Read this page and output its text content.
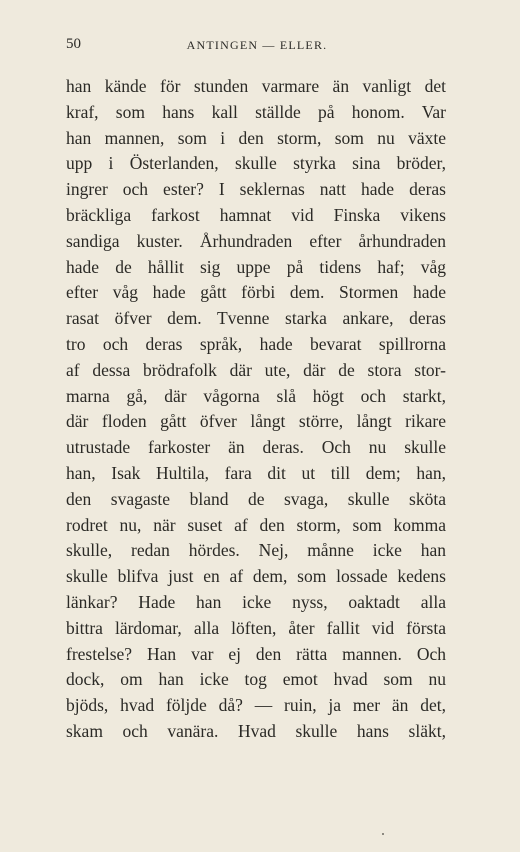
50	ANTINGEN — ELLER.
han kände för stunden varmare än vanligt det
kraf, som hans kall ställde på honom. Var
han mannen, som i den storm, som nu växte
upp i Österlanden, skulle styrka sina bröder,
ingrer och ester? I seklernas natt hade deras
bräckliga farkost hamnat vid Finska vikens
sandiga kuster. Århundraden efter århundraden
hade de hållit sig uppe på tidens haf; våg
efter våg hade gått förbi dem. Stormen hade
rasat öfver dem. Tvenne starka ankare, deras
tro och deras språk, hade bevarat spillrorna
af dessa brödrafolk där ute, där de stora stor-
marna gå, där vågorna slå högt och starkt,
där floden gått öfver långt större, långt rikare
utrustade farkoster än deras. Och nu skulle
han, Isak Hultila, fara dit ut till dem; han,
den svagaste bland de svaga, skulle sköta
rodret nu, när suset af den storm, som komma
skulle, redan hördes. Nej, månne icke han
skulle blifva just en af dem, som lossade kedens
länkar? Hade han icke nyss, oaktadt alla
bittra lärdomar, alla löften, åter fallit vid första
frestelse? Han var ej den rätta mannen. Och
dock, om han icke tog emot hvad som nu
bjöds, hvad följde då? — ruin, ja mer än det,
skam och vanära. Hvad skulle hans släkt,
